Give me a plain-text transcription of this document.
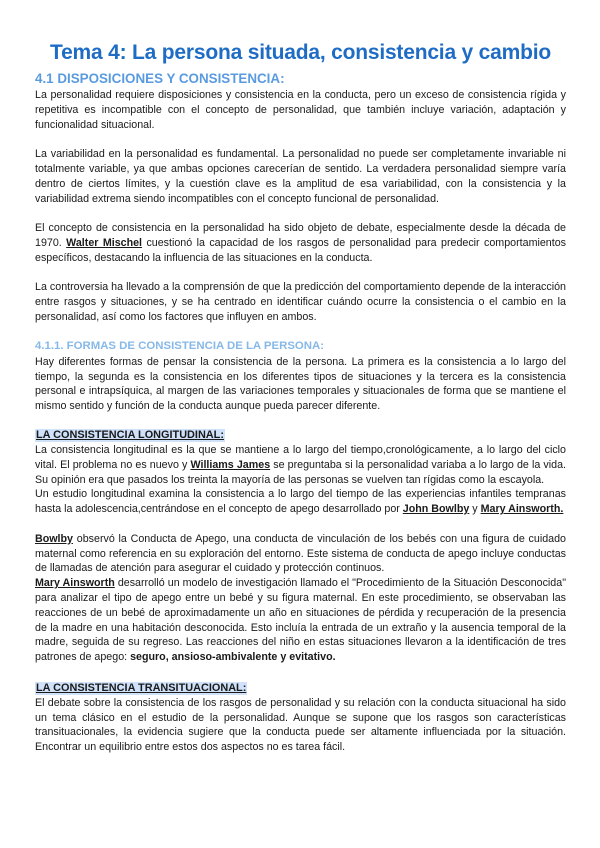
Tema 4: La persona situada, consistencia y cambio
4.1 DISPOSICIONES Y CONSISTENCIA:

La personalidad requiere disposiciones y consistencia en la conducta, pero un exceso de consistencia rígida y repetitiva es incompatible con el concepto de personalidad, que también incluye variación, adaptación y funcionalidad situacional.

La variabilidad en la personalidad es fundamental. La personalidad no puede ser completamente invariable ni totalmente variable, ya que ambas opciones carecerían de sentido. La verdadera personalidad siempre varía dentro de ciertos límites, y la cuestión clave es la amplitud de esa variabilidad, con la consistencia y la variabilidad extrema siendo incompatibles con el concepto funcional de personalidad.

El concepto de consistencia en la personalidad ha sido objeto de debate, especialmente desde la década de 1970. Walter Mischel cuestionó la capacidad de los rasgos de personalidad para predecir comportamientos específicos, destacando la influencia de las situaciones en la conducta.

La controversia ha llevado a la comprensión de que la predicción del comportamiento depende de la interacción entre rasgos y situaciones, y se ha centrado en identificar cuándo ocurre la consistencia o el cambio en la personalidad, así como los factores que influyen en ambos.

4.1.1. FORMAS DE CONSISTENCIA DE LA PERSONA:

Hay diferentes formas de pensar la consistencia de la persona. La primera es la consistencia a lo largo del tiempo, la segunda es la consistencia en los diferentes tipos de situaciones y la tercera es la consistencia personal e intrapsíquica, al margen de las variaciones temporales y situacionales de forma que se mantiene el mismo sentido y función de la conducta aunque pueda parecer diferente.

LA CONSISTENCIA LONGITUDINAL:

La consistencia longitudinal es la que se mantiene a lo largo del tiempo,cronológicamente, a lo largo del ciclo vital. El problema no es nuevo y Williams James se preguntaba si la personalidad variaba a lo largo de la vida. Su opinión era que pasados los treinta la mayoría de las personas se vuelven tan rígidas como la escayola.

Un estudio longitudinal examina la consistencia a lo largo del tiempo de las experiencias infantiles tempranas hasta la adolescencia,centrándose en el concepto de apego desarrollado por John Bowlby y Mary Ainsworth.

Bowlby observó la Conducta de Apego, una conducta de vinculación de los bebés con una figura de cuidado maternal como referencia en su exploración del entorno. Este sistema de conducta de apego incluye conductas de llamadas de atención para asegurar el cuidado y protección continuos.

Mary Ainsworth desarrolló un modelo de investigación llamado el "Procedimiento de la Situación Desconocida" para analizar el tipo de apego entre un bebé y su figura maternal. En este procedimiento, se observaban las reacciones de un bebé de aproximadamente un año en situaciones de pérdida y recuperación de la presencia de la madre en una habitación desconocida. Esto incluía la entrada de un extraño y la ausencia temporal de la madre, seguida de su regreso. Las reacciones del niño en estas situaciones llevaron a la identificación de tres patrones de apego: seguro, ansioso-ambivalente y evitativo.

LA CONSISTENCIA TRANSITUACIONAL:

El debate sobre la consistencia de los rasgos de personalidad y su relación con la conducta situacional ha sido un tema clásico en el estudio de la personalidad. Aunque se supone que los rasgos son características transituacionales, la evidencia sugiere que la conducta puede ser altamente influenciada por la situación. Encontrar un equilibrio entre estos dos aspectos no es tarea fácil.
